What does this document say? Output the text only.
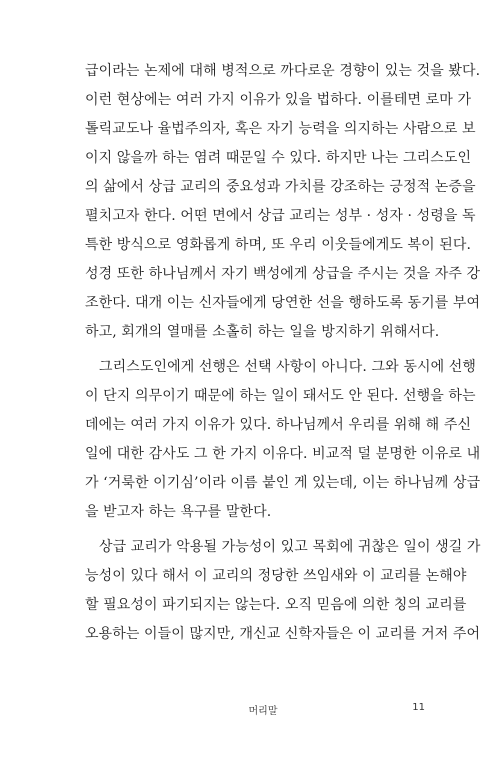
급이라는 논제에 대해 병적으로 까다로운 경향이 있는 것을 봤다.
이런 현상에는 여러 가지 이유가 있을 법하다. 이를테면 로마 가
톨릭교도나 율법주의자, 혹은 자기 능력을 의지하는 사람으로 보
이지 않을까 하는 염려 때문일 수 있다. 하지만 나는 그리스도인
의 삶에서 상급 교리의 중요성과 가치를 강조하는 긍정적 논증을
펼치고자 한다. 어떤 면에서 상급 교리는 성부 · 성자 · 성령을 독
특한 방식으로 영화롭게 하며, 또 우리 이웃들에게도 복이 된다.
성경 또한 하나님께서 자기 백성에게 상급을 주시는 것을 자주 강
조한다. 대개 이는 신자들에게 당연한 선을 행하도록 동기를 부여
하고, 회개의 열매를 소홀히 하는 일을 방지하기 위해서다.
그리스도인에게 선행은 선택 사항이 아니다. 그와 동시에 선행
이 단지 의무이기 때문에 하는 일이 돼서도 안 된다. 선행을 하는
데에는 여러 가지 이유가 있다. 하나님께서 우리를 위해 해 주신
일에 대한 감사도 그 한 가지 이유다. 비교적 덜 분명한 이유로 내
가 ‘거룩한 이기심’이라 이름 붙인 게 있는데, 이는 하나님께 상급
을 받고자 하는 욕구를 말한다.
상급 교리가 악용될 가능성이 있고 목회에 귀찮은 일이 생길 가
능성이 있다 해서 이 교리의 정당한 쓰임새와 이 교리를 논해야
할 필요성이 파기되지는 않는다. 오직 믿음에 의한 칭의 교리를
오용하는 이들이 많지만, 개신교 신학자들은 이 교리를 거저 주어
머리말	11
